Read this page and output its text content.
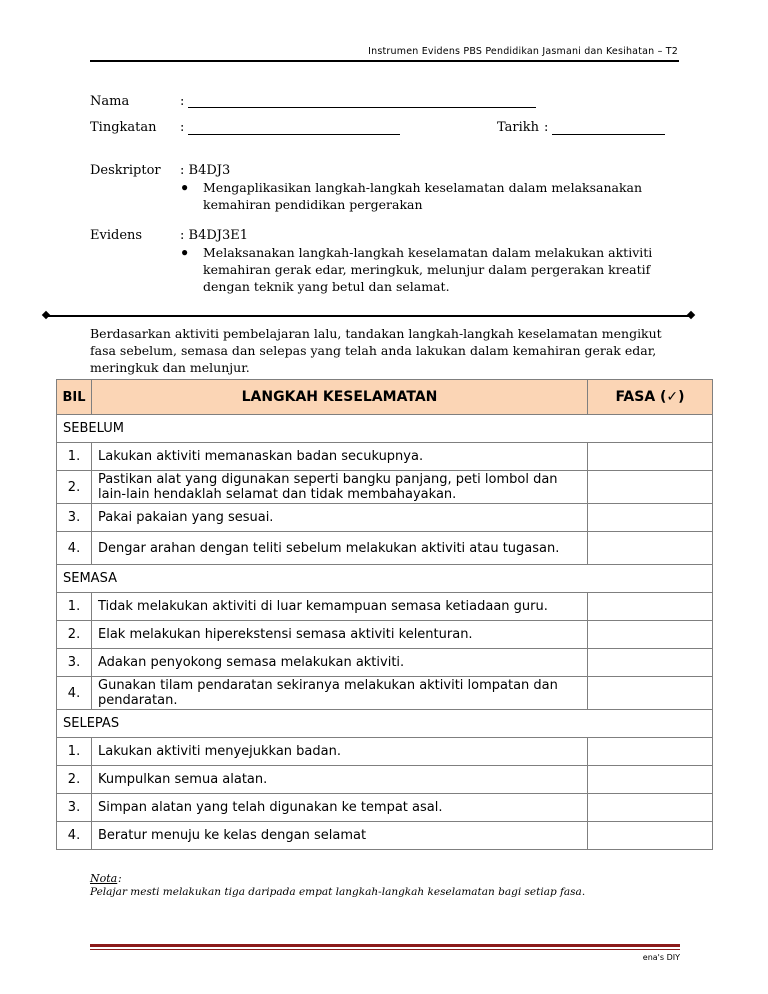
Instrumen Evidens PBS Pendidikan Jasmani dan Kesihatan – T2
Nama	:
Tingkatan :	Tarikh :
Deskriptor : B4DJ3
● Mengaplikasikan langkah-langkah keselamatan dalam melaksanakan kemahiran pendidikan pergerakan
Evidens	: B4DJ3E1
● Melaksanakan langkah-langkah keselamatan dalam melakukan aktiviti kemahiran gerak edar, meringkuk, melunjur dalam pergerakan kreatif dengan teknik yang betul dan selamat.
Berdasarkan aktiviti pembelajaran lalu, tandakan langkah-langkah keselamatan mengikut fasa sebelum, semasa dan selepas yang telah anda lakukan dalam kemahiran gerak edar, meringkuk dan melunjur.
BIL	LANGKAH KESELAMATAN	FASA (✓)
SEBELUM		
1.	Lakukan aktiviti memanaskan badan secukupnya.	
2.	Pastikan alat yang digunakan seperti bangku panjang, peti lombol dan lain-lain hendaklah selamat dan tidak membahayakan.	
3.	Pakai pakaian yang sesuai.	
4.	Dengar arahan dengan teliti sebelum melakukan aktiviti atau tugasan.	
SEMASA		
1.	Tidak melakukan aktiviti di luar kemampuan semasa ketiadaan guru.	
2.	Elak melakukan hiperekstensi semasa aktiviti kelenturan.	
3.	Adakan penyokong semasa melakukan aktiviti.	
4.	Gunakan tilam pendaratan sekiranya melakukan aktiviti lompatan dan pendaratan.	
SELEPAS		
1.	Lakukan aktiviti menyejukkan badan.	
2.	Kumpulkan semua alatan.	
3.	Simpan alatan yang telah digunakan ke tempat asal.	
4.	Beratur menuju ke kelas dengan selamat	
Nota :
Pelajar mesti melakukan tiga daripada empat langkah-langkah keselamatan bagi setiap fasa.
ena's DIY
